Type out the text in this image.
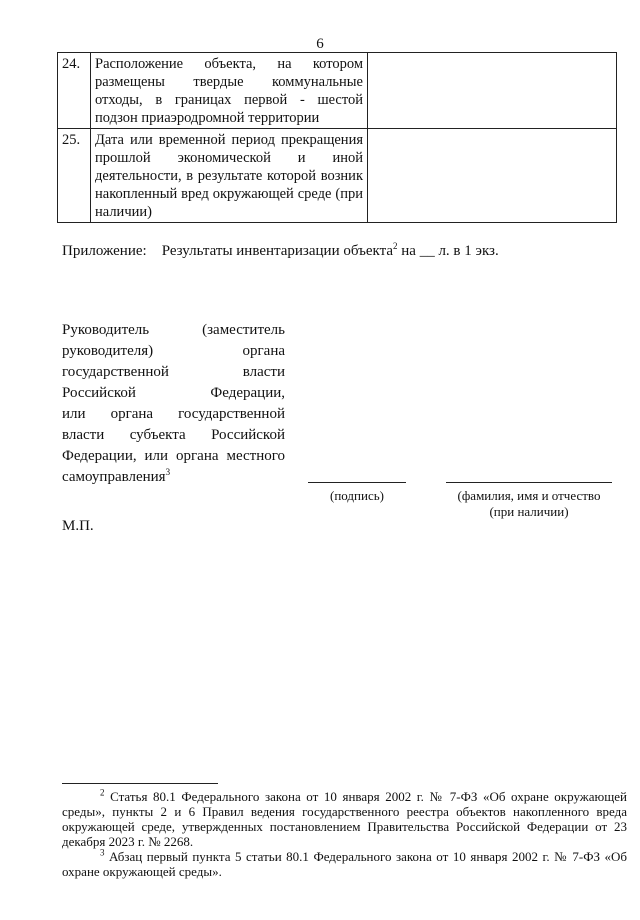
6
24.	Расположение объекта, на котором размещены твердые коммунальные отходы, в границах первой - шестой подзон приаэродромной территории	
25.	Дата или временной период прекращения прошлой экономической и иной деятельности, в результате которой возник накопленный вред окружающей среде (при наличии)	
Приложение: Результаты инвентаризации объекта$^2$ на __ л. в 1 экз.
Руководитель (заместитель
руководителя) органа
государственной власти
Российской Федерации,
или органа государственной
власти субъекта Российской
Федерации, или органа местного
самоуправления$^3$
(подпись)	(фамилия, имя и отчество
(при наличии)
М.П.

$^2$ Статья 80.1 Федерального закона от 10 января 2002 г. № 7-ФЗ «Об охране окружающей среды», пункты 2 и 6 Правил ведения государственного реестра объектов накопленного вреда окружающей среде, утвержденных постановлением Правительства Российской Федерации от 23 декабря 2023 г. № 2268.

$^3$ Абзац первый пункта 5 статьи 80.1 Федерального закона от 10 января 2002 г. № 7-ФЗ «Об охране окружающей среды».
